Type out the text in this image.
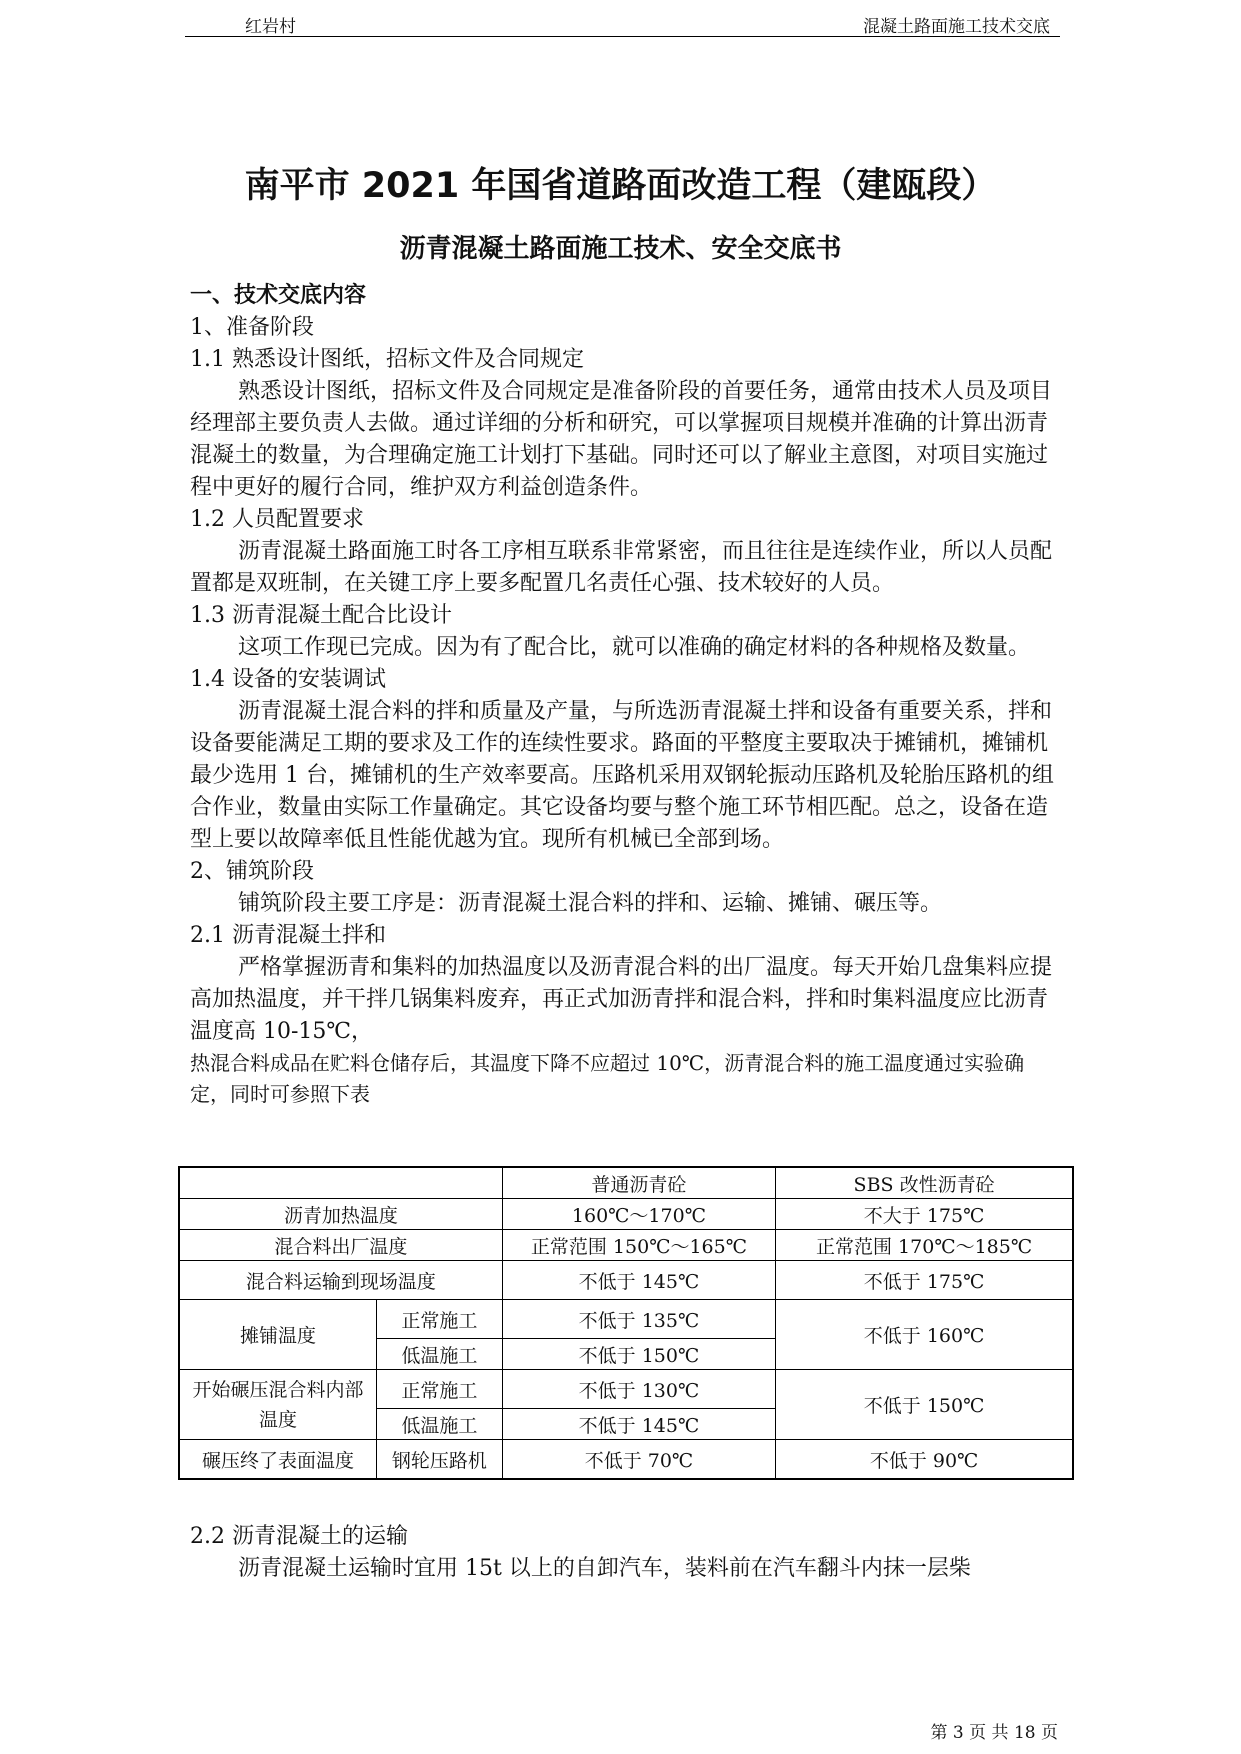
红岩村	混凝土路面施工技术交底
南平市 2021 年国省道路面改造工程（建瓯段）
沥青混凝土路面施工技术、安全交底书

一、技术交底内容

1、准备阶段

1.1 熟悉设计图纸，招标文件及合同规定

熟悉设计图纸，招标文件及合同规定是准备阶段的首要任务，通常由技术人员及项目经理部主要负责人去做。通过详细的分析和研究，可以掌握项目规模并准确的计算出沥青混凝土的数量，为合理确定施工计划打下基础。同时还可以了解业主意图，对项目实施过程中更好的履行合同，维护双方利益创造条件。

1.2 人员配置要求

沥青混凝土路面施工时各工序相互联系非常紧密，而且往往是连续作业，所以人员配置都是双班制，在关键工序上要多配置几名责任心强、技术较好的人员。

1.3 沥青混凝土配合比设计

这项工作现已完成。因为有了配合比，就可以准确的确定材料的各种规格及数量。

1.4 设备的安装调试

沥青混凝土混合料的拌和质量及产量，与所选沥青混凝土拌和设备有重要关系，拌和设备要能满足工期的要求及工作的连续性要求。路面的平整度主要取决于摊铺机，摊铺机最少选用 1 台，摊铺机的生产效率要高。压路机采用双钢轮振动压路机及轮胎压路机的组合作业，数量由实际工作量确定。其它设备均要与整个施工环节相匹配。总之，设备在造型上要以故障率低且性能优越为宜。现所有机械已全部到场。

2、铺筑阶段

铺筑阶段主要工序是：沥青混凝土混合料的拌和、运输、摊铺、碾压等。

2.1 沥青混凝土拌和

严格掌握沥青和集料的加热温度以及沥青混合料的出厂温度。每天开始几盘集料应提高加热温度，并干拌几锅集料废弃，再正式加沥青拌和混合料，拌和时集料温度应比沥青温度高 10-15℃，

热混合料成品在贮料仓储存后，其温度下降不应超过 10℃，沥青混合料的施工温度通过实验确定，同时可参照下表

		普通沥青砼	SBS 改性沥青砼
沥青加热温度		160℃～170℃	不大于 175℃
混合料出厂温度		正常范围 150℃～165℃	正常范围 170℃～185℃
混合料运输到现场温度		不低于 145℃	不低于 175℃
摊铺温度	正常施工	不低于 135℃	不低于 160℃
	低温施工	不低于 150℃	
开始碾压混合料内部温度	正常施工	不低于 130℃	不低于 150℃
	低温施工	不低于 145℃	
碾压终了表面温度	钢轮压路机	不低于 70℃	不低于 90℃

2.2 沥青混凝土的运输

沥青混凝土运输时宜用 15t 以上的自卸汽车，装料前在汽车翻斗内抹一层柴

第 3 页 共 18 页
